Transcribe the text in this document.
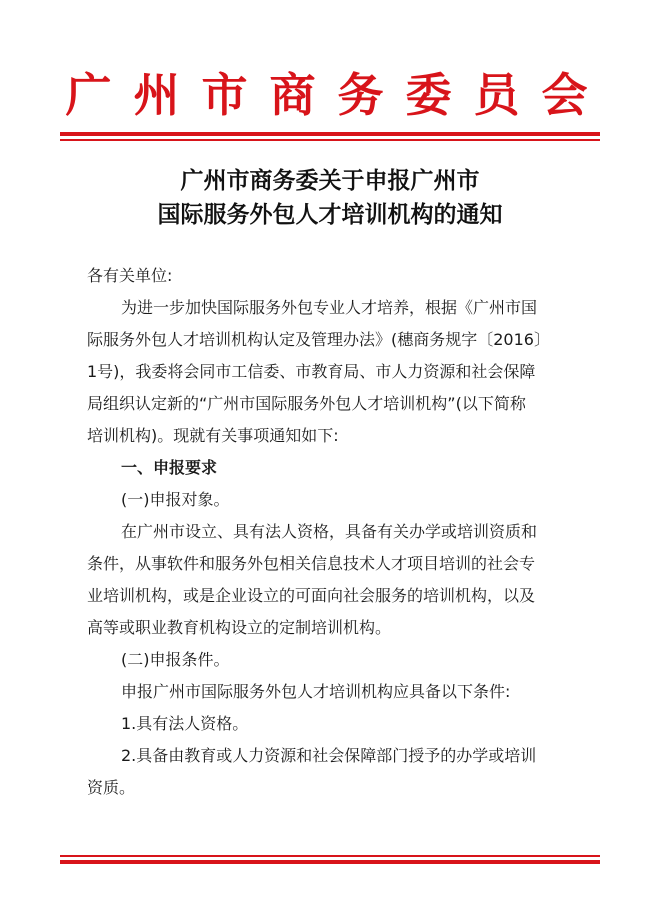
广州市商务委员会
广州市商务委关于申报广州市
国际服务外包人才培训机构的通知
各有关单位:
为进一步加快国际服务外包专业人才培养，根据《广州市国
际服务外包人才培训机构认定及管理办法》(穗商务规字〔2016〕
1号)，我委将会同市工信委、市教育局、市人力资源和社会保障
局组织认定新的“广州市国际服务外包人才培训机构”(以下简称
培训机构)。现就有关事项通知如下:
一、申报要求
(一)申报对象。
在广州市设立、具有法人资格，具备有关办学或培训资质和
条件，从事软件和服务外包相关信息技术人才项目培训的社会专
业培训机构，或是企业设立的可面向社会服务的培训机构，以及
高等或职业教育机构设立的定制培训机构。
(二)申报条件。
申报广州市国际服务外包人才培训机构应具备以下条件:
1.具有法人资格。
2.具备由教育或人力资源和社会保障部门授予的办学或培训
资质。
